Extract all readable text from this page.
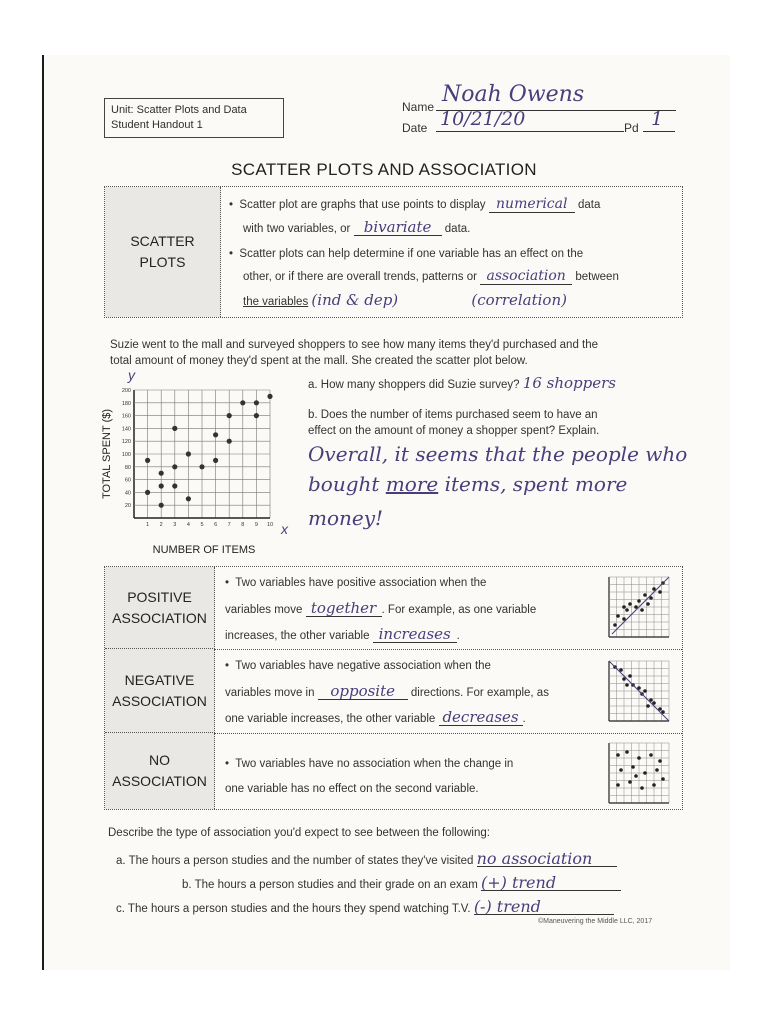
Unit: Scatter Plots and Data
Student Handout 1
Name Noah Owens
Date 10/21/20	Pd 1
SCATTER PLOTS AND ASSOCIATION
SCATTER
PLOTS
• Scatter plot are graphs that use points to display numerical data
with two variables, or bivariate data.
• Scatter plots can help determine if one variable has an effect on the
other, or if there are overall trends, patterns or association between
the variables (ind & dep)	(correlation)
Suzie went to the mall and surveyed shoppers to see how many items they'd purchased and the
total amount of money they'd spent at the mall. She created the scatter plot below.
20
40
60
80
100
120
140
160
180
200
1 2 3 4 5 6 7 8 9 10
y
x
NUMBER OF ITEMS
TOTAL SPENT ($)
a. How many shoppers did Suzie survey? 16 shoppers
b. Does the number of items purchased seem to have an
effect on the amount of money a shopper spent? Explain.
Overall, it seems that the people who
bought more items, spent more
money!
POSITIVE
ASSOCIATION
• Two variables have positive association when the
variables move together . For example, as one variable
increases, the other variable increases .
NEGATIVE
ASSOCIATION
• Two variables have negative association when the
variables move in opposite directions. For example, as
one variable increases, the other variable decreases .
NO
ASSOCIATION
• Two variables have no association when the change in
one variable has no effect on the second variable.
Describe the type of association you'd expect to see between the following:
a. The hours a person studies and the number of states they've visited no association
b. The hours a person studies and their grade on an exam (+) trend
c. The hours a person studies and the hours they spend watching T.V. (-) trend
©Maneuvering the Middle LLC, 2017
